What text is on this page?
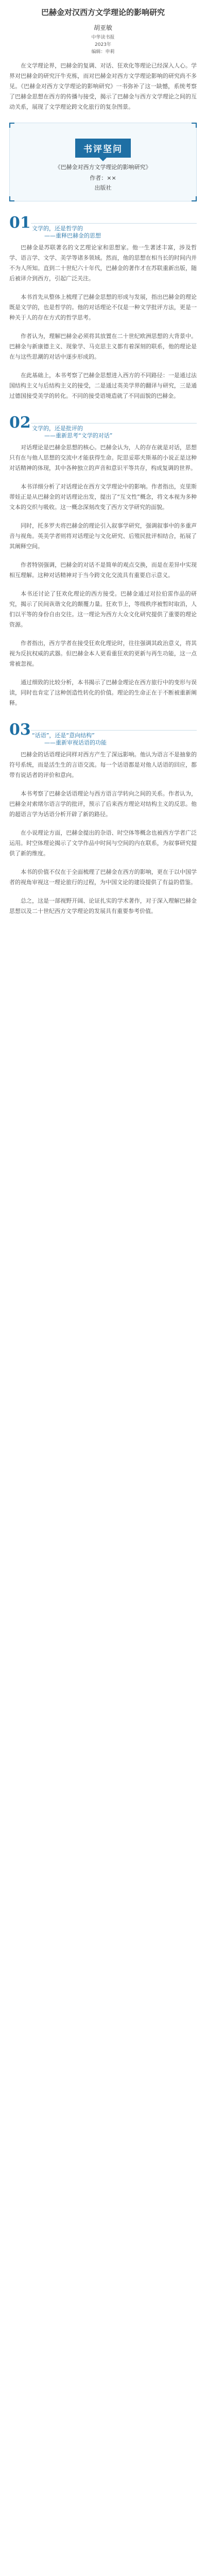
巴赫金对汉西方文学理论的影响研究

胡亚敏

中华读书报
2023年
编辑：申莉

在文学理论界，巴赫金的复调、对话、狂欢化等理论已经深入人心。学界对巴赫金的研究汗牛充栋，而对巴赫金对西方文学理论影响的研究尚不多见。《巴赫金对西方文学理论的影响研究》一书弥补了这一缺憾，系统考察了巴赫金思想在西方的传播与接受，揭示了巴赫金与西方文学理论之间的互动关系，展现了文学理论跨文化旅行的复杂图景。

书评坚问

《巴赫金对西方文学理论的影响研究》

作者：××

出版社

01 文学的，还是哲学的
——重释巴赫金的思想

巴赫金是苏联著名的文艺理论家和思想家。他一生著述丰富，涉及哲学、语言学、文学、美学等诸多领域。然而，他的思想在相当长的时间内并不为人所知。直到二十世纪六十年代，巴赫金的著作才在苏联重新出版，随后被译介到西方，引起广泛关注。

本书首先从整体上梳理了巴赫金思想的形成与发展，指出巴赫金的理论既是文学的，也是哲学的。他的对话理论不仅是一种文学批评方法，更是一种关于人的存在方式的哲学思考。

作者认为，理解巴赫金必须将其放置在二十世纪欧洲思想的大背景中。巴赫金与新康德主义、现象学、马克思主义都有着深刻的联系，他的理论是在与这些思潮的对话中逐步形成的。

在此基础上，本书考察了巴赫金思想进入西方的不同路径：一是通过法国结构主义与后结构主义的接受，二是通过英美学界的翻译与研究，三是通过德国接受美学的转化。不同的接受语境造就了不同面貌的巴赫金。

02 文学的，还是批评的
——重新思考“文学的对话”

对话理论是巴赫金思想的核心。巴赫金认为，人的存在就是对话，思想只有在与他人思想的交流中才能获得生命。陀思妥耶夫斯基的小说正是这种对话精神的体现，其中各种独立的声音和意识平等共存，构成复调的世界。

本书详细分析了对话理论在西方文学理论中的影响。作者指出，克里斯蒂娃正是从巴赫金的对话理论出发，提出了“互文性”概念，将文本视为多种文本的交织与吸收。这一概念深刻改变了西方文学研究的面貌。

同时，托多罗夫将巴赫金的理论引入叙事学研究，强调叙事中的多重声音与视角。英美学者则将对话理论与文化研究、后殖民批评相结合，拓展了其阐释空间。

作者特别强调，巴赫金的对话不是简单的观点交换，而是在差异中实现相互理解。这种对话精神对于当今跨文化交流具有重要启示意义。

本书还讨论了狂欢化理论的西方接受。巴赫金通过对拉伯雷作品的研究，揭示了民间诙谐文化的颠覆力量。狂欢节上，等级秩序被暂时取消，人们以平等的身份自由交往。这一理论为西方大众文化研究提供了重要的理论资源。

作者指出，西方学者在接受狂欢化理论时，往往强调其政治意义，将其视为反抗权威的武器。但巴赫金本人更看重狂欢的更新与再生功能，这一点常被忽视。

通过细致的比较分析，本书揭示了巴赫金理论在西方旅行中的变形与误读，同时也肯定了这种创造性转化的价值。理论的生命正在于不断被重新阐释。

03 “话语”，还是“意向结构”
——重新审视话语的功能

巴赫金的话语理论同样对西方产生了深远影响。他认为语言不是抽象的符号系统，而是活生生的言语交流。每一个话语都是对他人话语的回应，都带有说话者的评价和意向。

本书考察了巴赫金话语理论与西方语言学转向之间的关系。作者认为，巴赫金对索绪尔语言学的批评，预示了后来西方理论对结构主义的反思。他的超语言学为话语分析开辟了新的路径。

在小说理论方面，巴赫金提出的杂语、时空体等概念也被西方学者广泛运用。时空体理论揭示了文学作品中时间与空间的内在联系，为叙事研究提供了新的维度。

本书的价值不仅在于全面梳理了巴赫金在西方的影响，更在于以中国学者的视角审视这一理论旅行的过程，为中国文论的建设提供了有益的借鉴。

总之，这是一部视野开阔、论证扎实的学术著作，对于深入理解巴赫金思想以及二十世纪西方文学理论的发展具有重要参考价值。
